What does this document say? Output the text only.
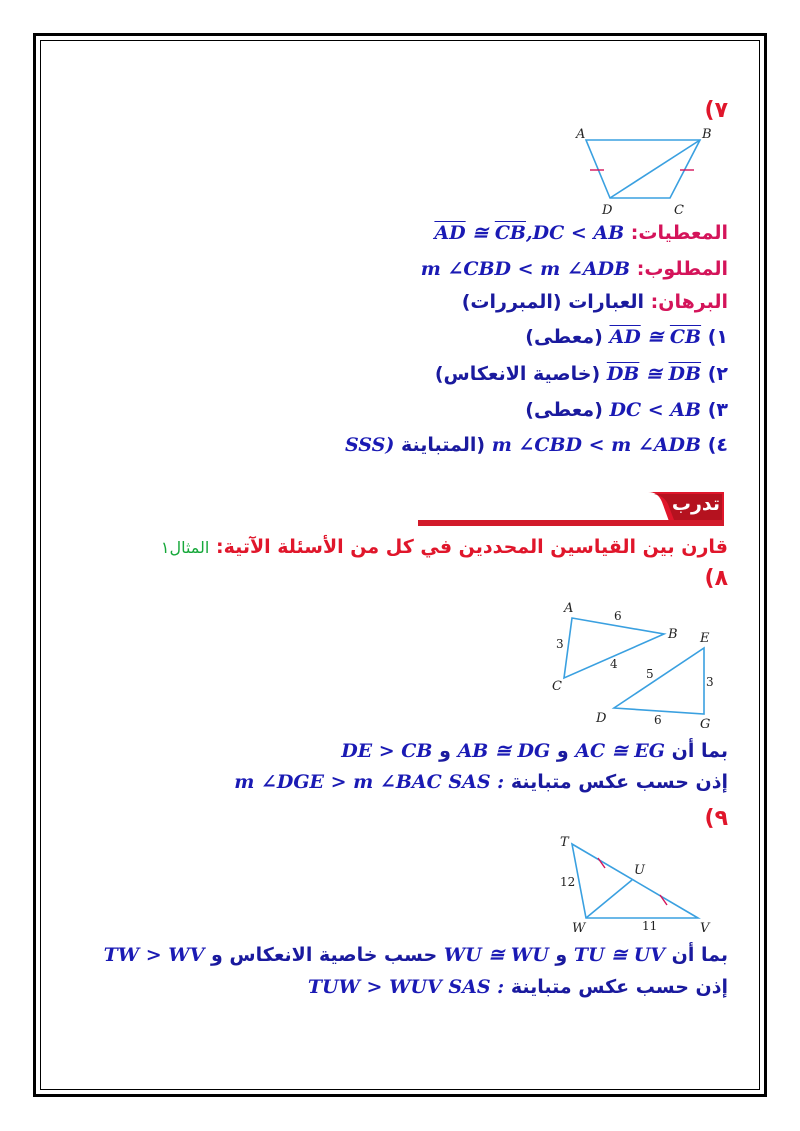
(٧
A	B
C
D
المعطيات: $\overline{AD}$ ≅ $\overline{CB},DC$ < AB
المطلوب: m ∠CBD < m ∠ADB
البرهان: العبارات (المبررات)
١) $\overline{AD}$ ≅ $\overline{CB}$ (معطى)
٢) $\overline{DB}$ ≅ $\overline{DB}$ (خاصية الانعكاس)
٣) DC < AB (معطى)
٤) m ∠CBD < m ∠ADB (المتباينة SSS)
تدرب وحل المسائل
قارن بين القياسين المحددين في كل من الأسئلة الآتية: المثال١
(٨
A
B
C
D
E
G
6
3
4
5
3
6
بما أن AC ≅ EG و AB ≅ DG و DE > CB
إذن حسب عكس متباينة SAS : m ∠DGE > m ∠BAC
(٩
T
U
W	V
12
11
بما أن TU ≅ UV و WU ≅ WU حسب خاصية الانعكاس و TW > WV
إذن حسب عكس متباينة SAS : TUW > WUV
